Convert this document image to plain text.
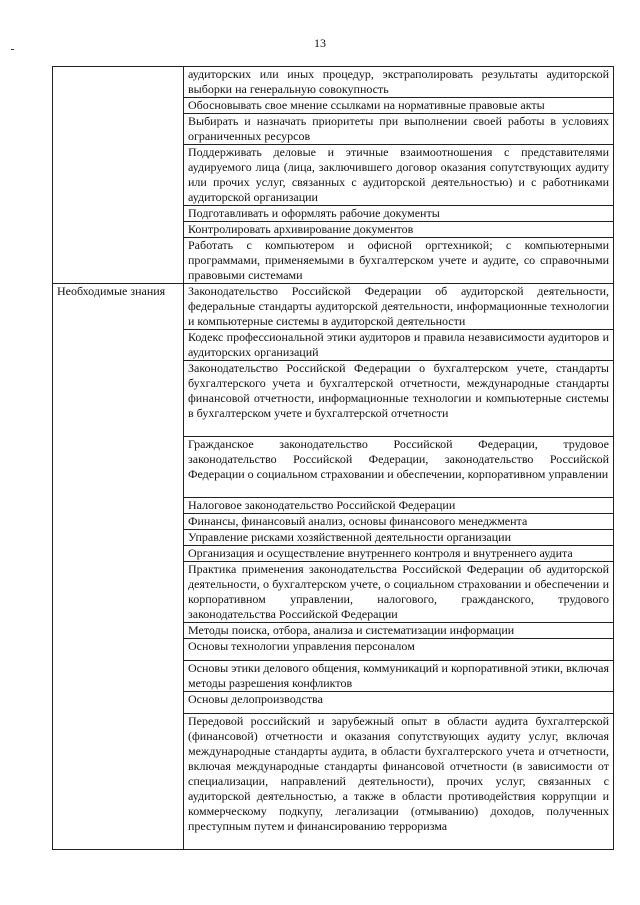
13

	аудиторских или иных процедур, экстраполировать результаты аудиторской выборки на генеральную совокупность

	Обосновывать свое мнение ссылками на нормативные правовые акты

	Выбирать и назначать приоритеты при выполнении своей работы в условиях ограниченных ресурсов

	Поддерживать деловые и этичные взаимоотношения с представителями аудируемого лица (лица, заключившего договор оказания сопутствующих аудиту или прочих услуг, связанных с аудиторской деятельностью) и с работниками аудиторской организации

	Подготавливать и оформлять рабочие документы

	Контролировать архивирование документов

	Работать с компьютером и офисной оргтехникой; с компьютерными программами, применяемыми в бухгалтерском учете и аудите, со справочными правовыми системами

Необходимые знания	Законодательство Российской Федерации об аудиторской деятельности, федеральные стандарты аудиторской деятельности, информационные технологии и компьютерные системы в аудиторской деятельности

	Кодекс профессиональной этики аудиторов и правила независимости аудиторов и аудиторских организаций

	Законодательство Российской Федерации о бухгалтерском учете, стандарты бухгалтерского учета и бухгалтерской отчетности, международные стандарты финансовой отчетности, информационные технологии и компьютерные системы в бухгалтерском учете и бухгалтерской отчетности

	Гражданское законодательство Российской Федерации, трудовое законодательство Российской Федерации, законодательство Российской Федерации о социальном страховании и обеспечении, корпоративном управлении

	Налоговое законодательство Российской Федерации

	Финансы, финансовый анализ, основы финансового менеджмента

	Управление рисками хозяйственной деятельности организации

	Организация и осуществление внутреннего контроля и внутреннего аудита

	Практика применения законодательства Российской Федерации об аудиторской деятельности, о бухгалтерском учете, о социальном страховании и обеспечении и корпоративном управлении, налогового, гражданского, трудового законодательства Российской Федерации

	Методы поиска, отбора, анализа и систематизации информации

	Основы технологии управления персоналом

	Основы этики делового общения, коммуникаций и корпоративной этики, включая методы разрешения конфликтов

	Основы делопроизводства

	Передовой российский и зарубежный опыт в области аудита бухгалтерской (финансовой) отчетности и оказания сопутствующих аудиту услуг, включая международные стандарты аудита, в области бухгалтерского учета и отчетности, включая международные стандарты финансовой отчетности (в зависимости от специализации, направлений деятельности), прочих услуг, связанных с аудиторской деятельностью, а также в области противодействия коррупции и коммерческому подкупу, легализации (отмыванию) доходов, полученных преступным путем и финансированию терроризма
